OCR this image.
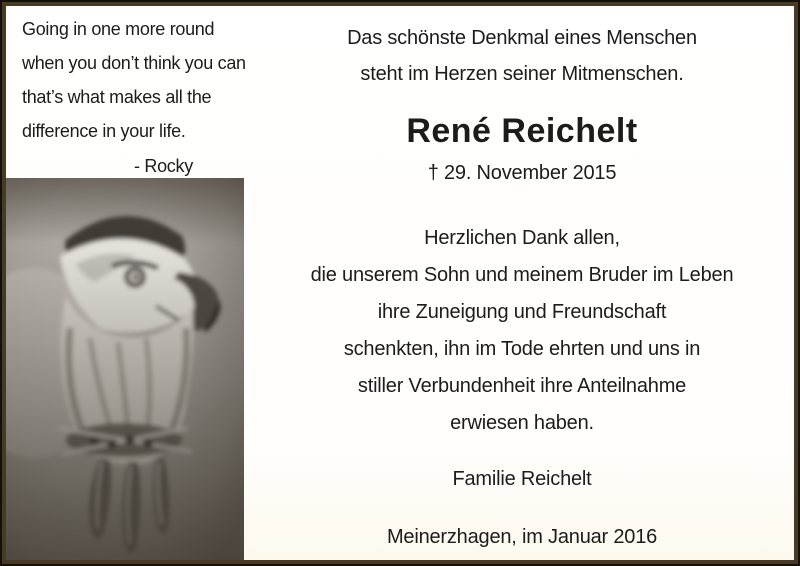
Going in one more round
when you don’t think you can
that’s what makes all the
difference in your life.
- Rocky
Das schönste Denkmal eines Menschen
steht im Herzen seiner Mitmenschen.
René Reichelt
† 29. November 2015
Herzlichen Dank allen,
die unserem Sohn und meinem Bruder im Leben
ihre Zuneigung und Freundschaft
schenkten, ihn im Tode ehrten und uns in
stiller Verbundenheit ihre Anteilnahme
erwiesen haben.
Familie Reichelt
Meinerzhagen, im Januar 2016
